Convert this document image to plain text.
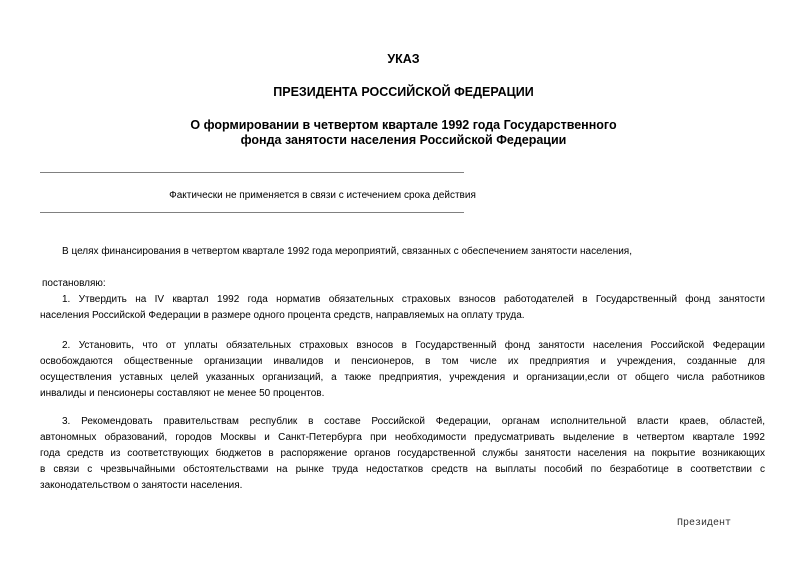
УКАЗ

ПРЕЗИДЕНТА РОССИЙСКОЙ ФЕДЕРАЦИИ

О формировании в четвертом квартале 1992 года Государственного

фонда занятости населения Российской Федерации

Фактически не применяется в связи с истечением срока действия

В целях финансирования в четвертом квартале 1992 года мероприятий, связанных с обеспечением занятости населения,

постановляю:

1. Утвердить на IV квартал 1992 года норматив обязательных страховых взносов работодателей в Государственный фонд занятости
населения Российской Федерации в размере одного процента средств, направляемых на оплату труда.
2. Установить, что от уплаты обязательных страховых взносов в Государственный фонд занятости населения Российской Федерации
освобождаются общественные организации инвалидов и пенсионеров, в том числе их предприятия и учреждения, созданные для
осуществления уставных целей указанных организаций, а также предприятия, учреждения и организации,если от общего числа работников
инвалиды и пенсионеры составляют не менее 50 процентов.
3. Рекомендовать правительствам республик в составе Российской Федерации, органам исполнительной власти краев, областей,
автономных образований, городов Москвы и Санкт-Петербурга при необходимости предусматривать выделение в четвертом квартале 1992
года средств из соответствующих бюджетов в распоряжение органов государственной службы занятости населения на покрытие возникающих
в связи с чрезвычайными обстоятельствами на рынке труда недостатков средств на выплаты пособий по безработице в соответствии с
законодательством о занятости населения.

Президент
